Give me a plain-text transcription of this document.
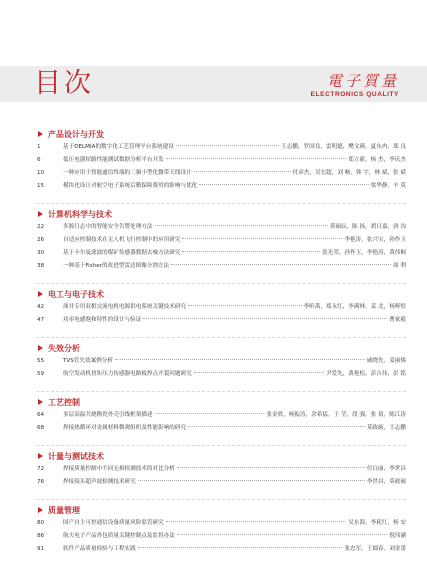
目次	電子質量
ELECTRONICS QUALITY
产品设计与开发
1	基于DELMIA的数字化工艺管理平台系统建设	王志鹏，罗国良，雷明德，樊文瑛，夏东冉，郑 良
6	低压电器短路性能测试数据分析平台开发	郑立新，杨 杰，李庆杰
10	一种应用于智能通信终端的三频小型化微带天线设计	付彦杰，吴宏超，刘 畅，韩 宇，林 斌，张 斌
15	模块化设计对航空电子系统后勤保障费用的影响与优化	梁华静，辛 莫
计算机科学与技术
22	多源日志中的智能安全告警处理方法	黄硕辰，陈 扬，胡日嘉，唐 沟
26	自适应控制技术在无人机飞行控制中的应用研究	李艳涛，张兴宝，孙作玉
30	基于卡尔曼滤波的煤矿传感器数据去噪方法研究	张光荣，孙作玉，李艳涛，黄伟桐
38	一种基于Fisher的改进型雷达图像分割方法	周 利
电工与电子技术
42	深井专用双相交流电机电源供电系统关键技术研究	李昕禹，郑永红，李满林，姜 北，杨辉煌
47	功率电感饱和特性的设计与验证	曹家毅
失效分析
55	TVS管失效案例分析	戚晓先，姜丽烯
59	航空发动机扭矩压力传感器电路板焊点开裂问题研究	尹爱先，黄艳松，彭吉伟，彭 铭
工艺控制
64	多层高温共烧陶瓷外壳引线框架描述	张金欣，杨振涛，余希猛，于 莹，段 强，张 倩，陈江涛
68	焊接热循环对金属材料微观组织及性能影响的研究	莫政硕，王志鹏
计量与测试技术
72	焊接质量控制中不同无损检测技术的对比分析	付白丽，李世昌
76	焊接接头超声波检测技术研究	李世昌，莫政硕
质量管理
80	国产自主可控通信设备质量风险监管研究	吴东海，李耗红，杨 安
86	航天电子产品外包质量关键控制点及监督办法	倪玮涵
91	软件产品质量检验与工程实践	张忠军，王圆春，刘金蕾
